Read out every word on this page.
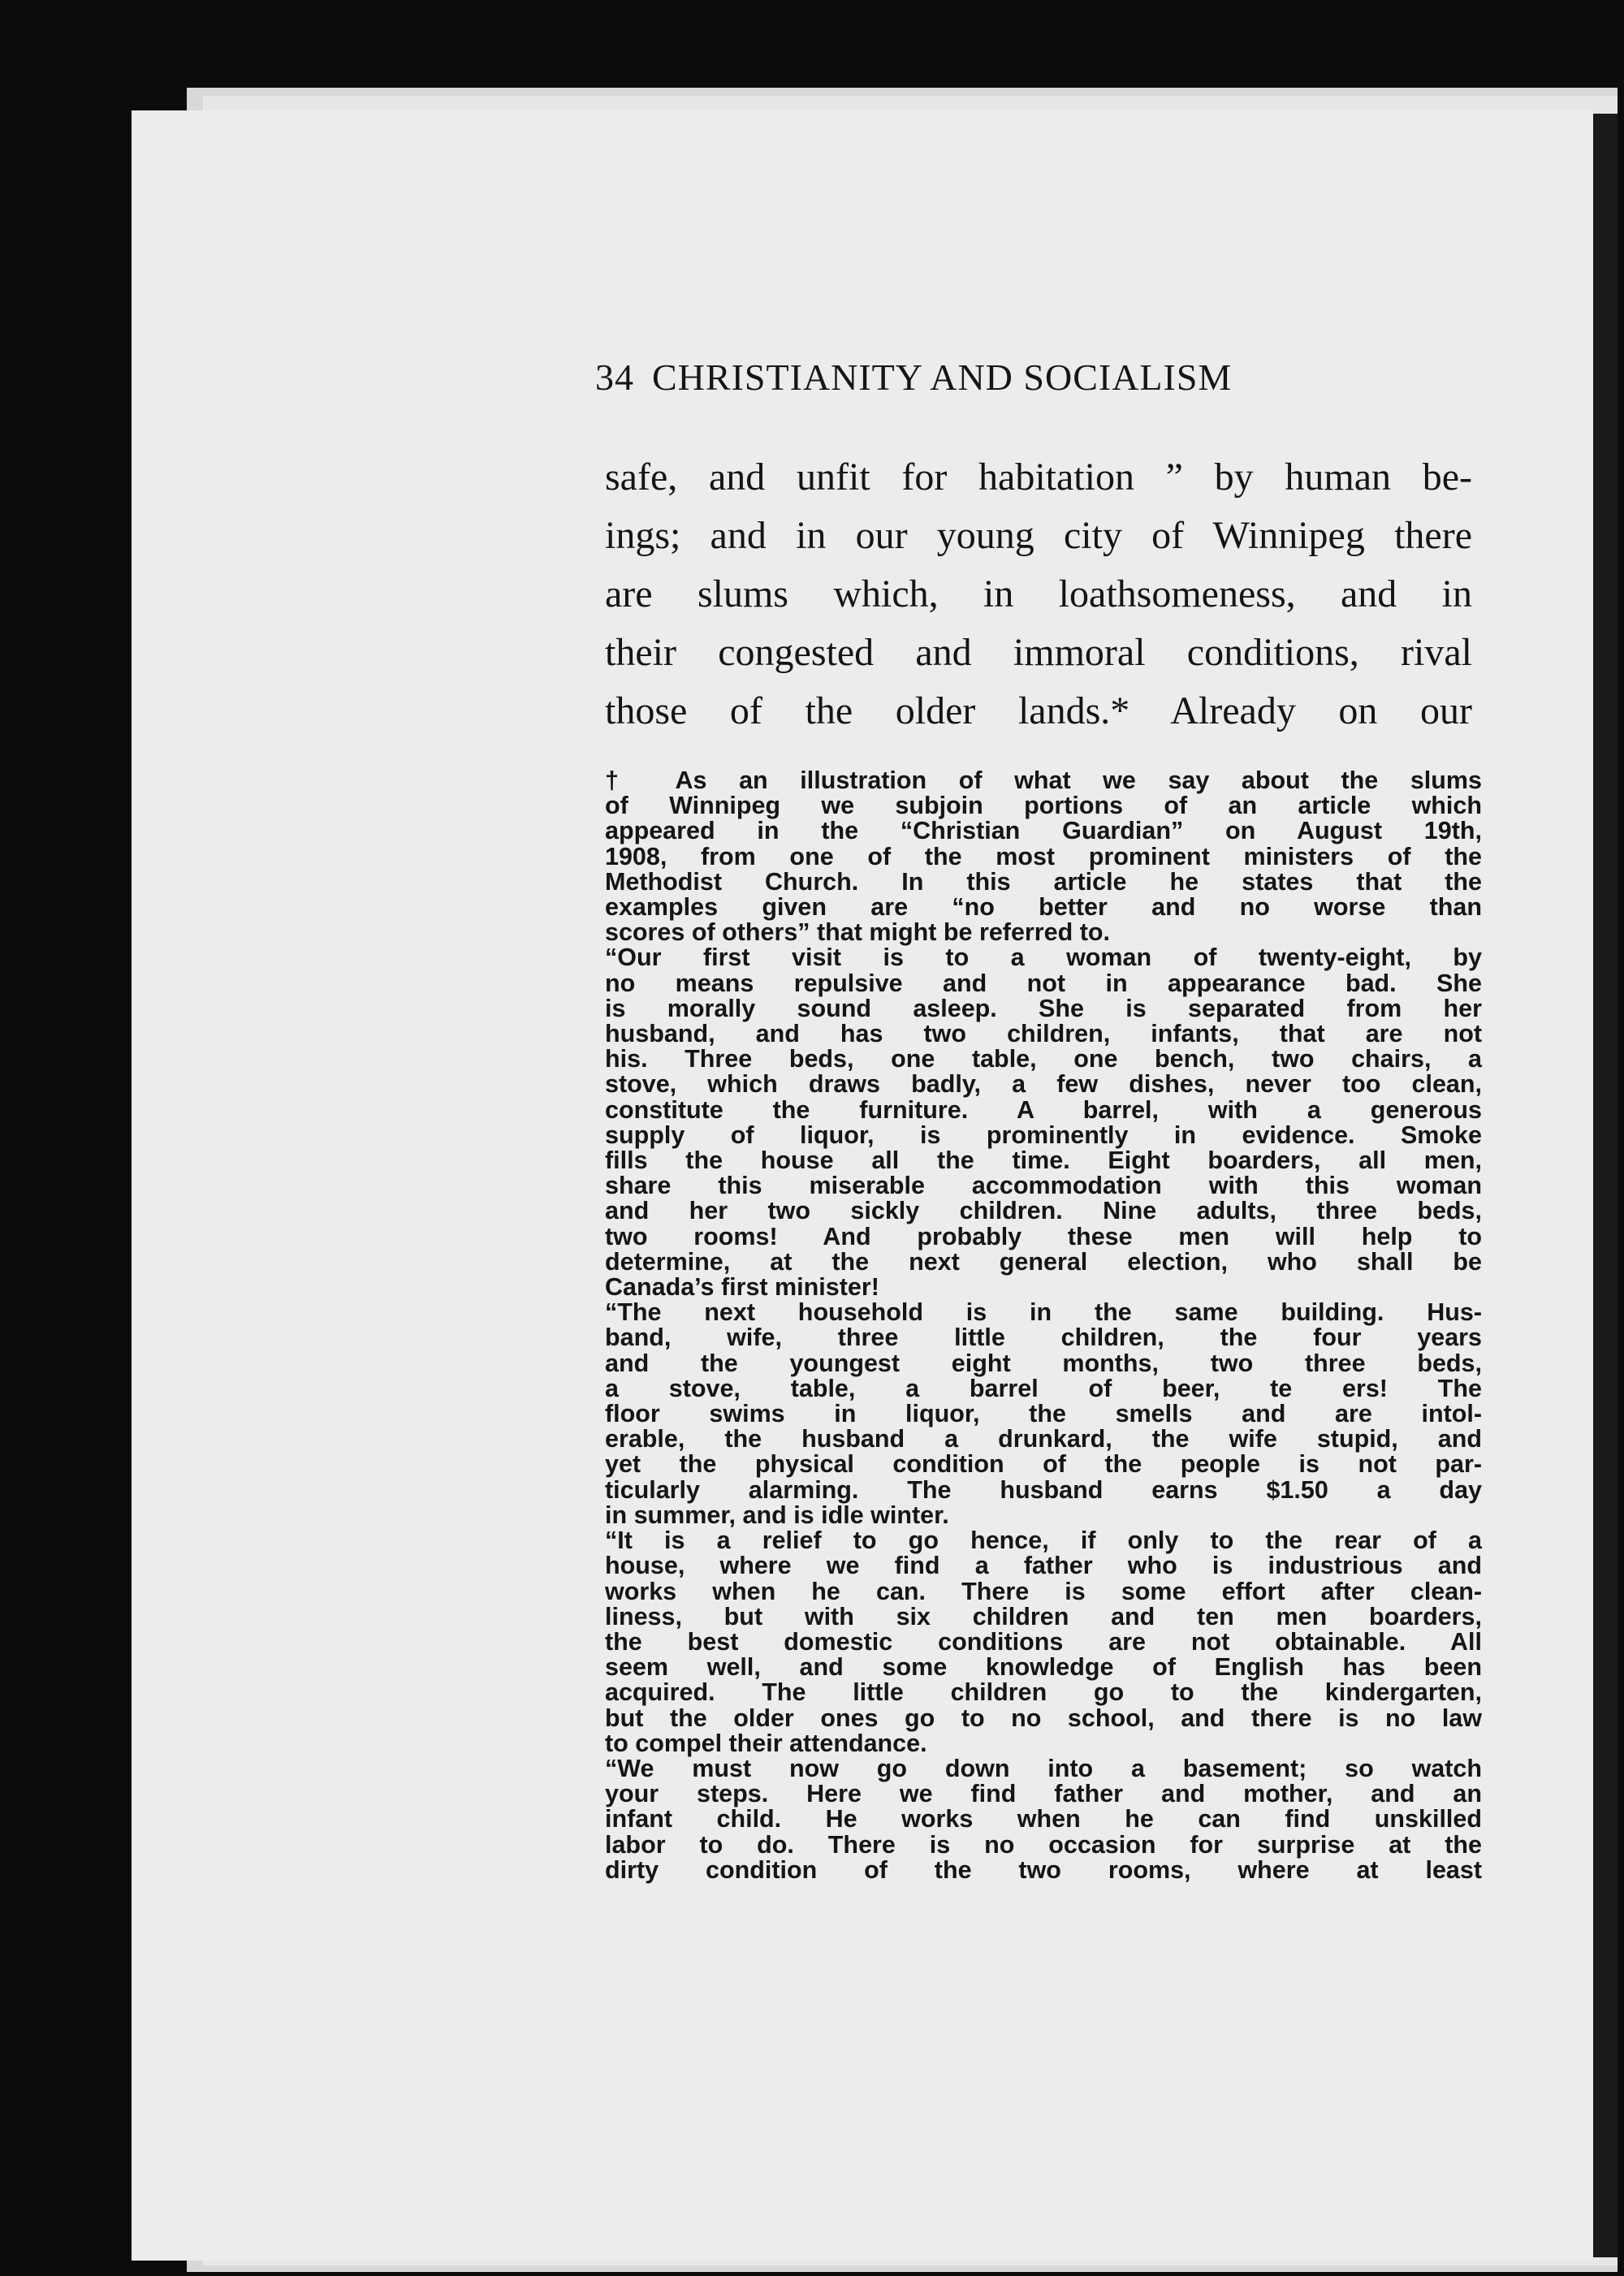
34 CHRISTIANITY AND SOCIALISM
safe, and unfit for habitation ” by human be-
ings; and in our young city of Winnipeg there
are slums which, in loathsomeness, and in
their congested and immoral conditions, rival
those of the older lands.* Already on our
† As an illustration of what we say about the slums
of Winnipeg we subjoin portions of an article which
appeared in the “Christian Guardian” on August 19th,
1908, from one of the most prominent ministers of the
Methodist Church. In this article he states that the
examples given are “no better and no worse than
scores of others” that might be referred to.
“Our first visit is to a woman of twenty-eight, by
no means repulsive and not in appearance bad. She
is morally sound asleep. She is separated from her
husband, and has two children, infants, that are not
his. Three beds, one table, one bench, two chairs, a
stove, which draws badly, a few dishes, never too clean,
constitute the furniture. A barrel, with a generous
supply of liquor, is prominently in evidence. Smoke
fills the house all the time. Eight boarders, all men,
share this miserable accommodation with this woman
and her two sickly children. Nine adults, three beds,
two rooms! And probably these men will help to
determine, at the next general election, who shall be
Canada’s first minister!
“The next household is in the same building. Hus-
band, wife, three little children, the four years
and the youngest eight months, two three beds,
a stove, table, a barrel of beer, te ers! The
floor swims in liquor, the smells and are intol-
erable, the husband a drunkard, the wife stupid, and
yet the physical condition of the people is not par-
ticularly alarming. The husband earns $1.50 a day
in summer, and is idle winter.
“It is a relief to go hence, if only to the rear of a
house, where we find a father who is industrious and
works when he can. There is some effort after clean-
liness, but with six children and ten men boarders,
the best domestic conditions are not obtainable. All
seem well, and some knowledge of English has been
acquired. The little children go to the kindergarten,
but the older ones go to no school, and there is no law
to compel their attendance.
“We must now go down into a basement; so watch
your steps. Here we find father and mother, and an
infant child. He works when he can find unskilled
labor to do. There is no occasion for surprise at the
dirty condition of the two rooms, where at least
